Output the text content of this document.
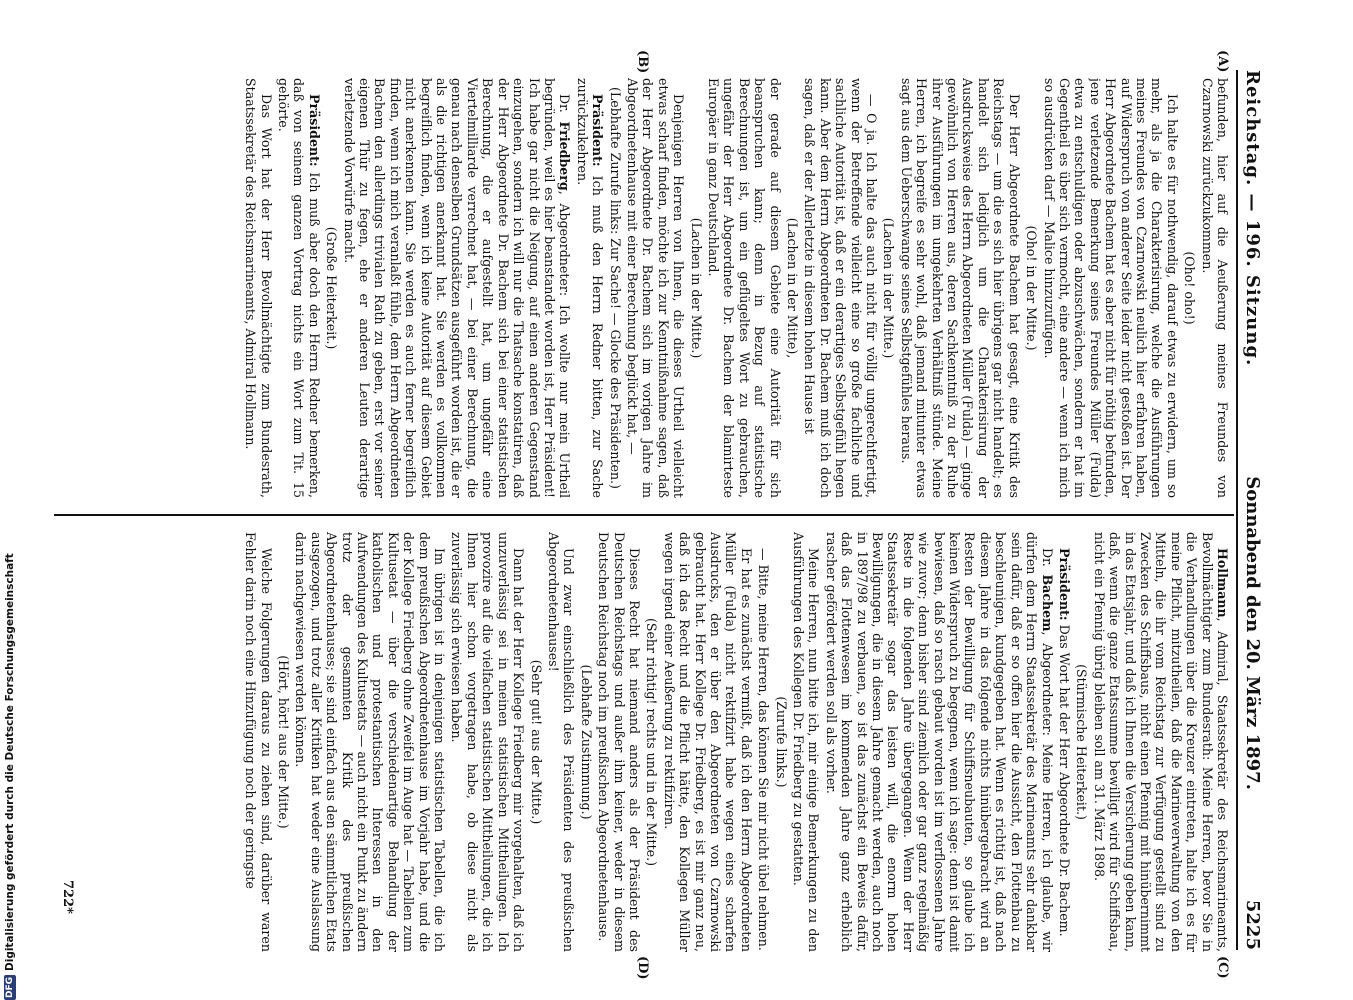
Reichstag. — 196. Sitzung.
Sonnabend den 20. März 1897.
5225
(A)
(B)
(C)
(D)

befunden, hier auf die Aeußerung meines Freundes von Czarnowski zurückzukommen.

(Oho! oho!)

Ich halte es für nothwendig, darauf etwas zu erwidern, um so mehr, als ja die Charakterisirung, welche die Ausführungen meines Freundes von Czarnowski neulich hier erfahren haben, auf Widerspruch von anderer Seite leider nicht gestoßen ist. Der Herr Abgeordnete Bachem hat es aber nicht für nöthig befunden, jene verletzende Bemerkung seines Freundes Müller (Fulda) etwa zu entschuldigen oder abzuschwächen, sondern er hat im Gegentheil es über sich vermocht, eine andere — wenn ich mich so ausdrücken darf — Malice hinzuzufügen.

(Oho! in der Mitte.)

Der Herr Abgeordnete Bachem hat gesagt, eine Kritik des Reichstags — um die es sich hier übrigens gar nicht handelt; es handelt sich lediglich um die Charakterisirung der Ausdrucksweise des Herrn Abgeordneten Müller (Fulda) — ginge gewöhnlich von Herren aus, deren Sachkenntniß zu der Ruhe ihrer Ausführungen im umgekehrten Verhältniß stünde. Meine Herren, ich begreife es sehr wohl, daß jemand mitunter etwas sagt aus dem Ueberschwange seines Selbstgefühles heraus.

(Lachen in der Mitte.)

— O ja. Ich halte das auch nicht für völlig ungerechtfertigt, wenn der Betreffende vielleicht eine so große fachliche und sachliche Autorität ist, daß er ein derartiges Selbstgefühl hegen kann. Aber dem Herrn Abgeordneten Dr. Bachem muß ich doch sagen, daß er der Allerletzte in diesem hohen Hause ist

(Lachen in der Mitte),

der gerade auf diesem Gebiete eine Autorität für sich beanspruchen kann; denn in Bezug auf statistische Berechnungen ist, um ein geflügeltes Wort zu gebrauchen, ungefähr der Herr Abgeordnete Dr. Bachem der blamirteste Europäer in ganz Deutschland.

(Lachen in der Mitte.)

Denjenigen Herren von Ihnen, die dieses Urtheil vielleicht etwas scharf finden, möchte ich zur Kenntnißnahme sagen, daß der Herr Abgeordnete Dr. Bachem sich im vorigen Jahre im Abgeordnetenhause mit einer Berechnung beglückt hat, —

(Lebhafte Zurufe links: Zur Sache! — Glocke des Präsidenten.)

Präsident: Ich muß den Herrn Redner bitten, zur Sache zurückzukehren.

Dr. Friedberg, Abgeordneter: Ich wollte nur mein Urtheil begründen, weil es hier beanstandet worden ist, Herr Präsident! Ich habe gar nicht die Neigung, auf einen anderen Gegenstand einzugehen, sondern ich will nur die Thatsache konstatiren, daß der Herr Abgeordnete Dr. Bachem sich bei einer statistischen Berechnung, die er aufgestellt hat, um ungefähr eine Viertelmilliarde verrechnet hat, — bei einer Berechnung, die genau nach denselben Grundsätzen ausgeführt worden ist, die er als die richtigen anerkannt hat. Sie werden es vollkommen begreiflich finden, wenn ich keine Autorität auf diesem Gebiet nicht anerkennen kann. Sie werden es auch ferner begreiflich finden, wenn ich mich veranlaßt fühle, dem Herrn Abgeordneten Bachem den allerdings trivialen Rath zu geben, erst vor seiner eigenen Thür zu fegen, ehe er anderen Leuten derartige verletzende Vorwürfe macht.

(Große Heiterkeit.)

Präsident: Ich muß aber doch den Herrn Redner bemerken, daß von seinem ganzen Vortrag nichts ein Wort zum Tit. 15 gehörte.

Das Wort hat der Herr Bevollmächtigte zum Bundesrath, Staatssekretär des Reichsmarineamts, Admiral Hollmann.

Hollmann, Admiral, Staatssekretär des Reichsmarineamts, Bevollmächtigter zum Bundesrath: Meine Herren, bevor Sie in die Verhandlungen über die Kreuzer eintreten, halte ich es für meine Pflicht, mitzutheilen, daß die Marineverwaltung von den Mitteln, die ihr vom Reichstag zur Verfügung gestellt sind zu Zwecken des Schiffsbaus, nicht einen Pfennig mit hinübernimmt in das Etatsjahr, und daß ich Ihnen die Versicherung geben kann, daß, wenn die ganze Etatssumme bewilligt wird für Schiffsbau, nicht ein Pfennig übrig bleiben soll am 31. März 1898.

(Stürmische Heiterkeit.)

Präsident: Das Wort hat der Herr Abgeordnete Dr. Bachem.

Dr. Bachem, Abgeordneter: Meine Herren, ich glaube, wir dürfen dem Herrn Staatssekretär des Marineamts sehr dankbar sein dafür, daß er so offen hier die Aussicht, den Flottenbau zu beschleunigen, kundgegeben hat. Wenn es richtig ist, daß nach diesem Jahre in das folgende nichts hinübergebracht wird an Resten der Bewilligung für Schiffsneubauten, so glaube ich keinen Widerspruch zu begegnen, wenn ich sage: denn ist damit bewiesen, daß so rasch gebaut worden ist im verflossenen Jahre wie zuvor; denn bisher sind ziemlich oder gar ganz regelmäßig Reste in die folgenden Jahre übergegangen. Wenn der Herr Staatssekretär sogar das leisten will, die enorm hohen Bewilligungen, die in diesem Jahre gemacht werden, auch noch in 1897/98 zu verbauen, so ist das zunächst ein Beweis dafür, daß das Flottenwesen im kommenden Jahre ganz erheblich rascher gefördert werden soll als vorher.

Meine Herren, nun bitte ich, mir einige Bemerkungen zu den Ausführungen des Kollegen Dr. Friedberg zu gestatten.

(Zurufe links.)

— Bitte, meine Herren, das können Sie mir nicht übel nehmen.

Er hat es zunächst vermißt, daß ich den Herrn Abgeordneten Müller (Fulda) nicht rektifizirt habe wegen eines scharfen Ausdrucks, den er über den Abgeordneten von Czarnowski gebraucht hat. Herr Kollege Dr. Friedberg, es ist mir ganz neu, daß ich das Recht und die Pflicht hätte, den Kollegen Müller wegen irgend einer Aeußerung zu rektifiziren.

(Sehr richtig! rechts und in der Mitte.)

Dieses Recht hat niemand anders als der Präsident des Deutschen Reichstags und außer ihm keiner, weder in diesem Deutschen Reichstag noch im preußischen Abgeordnetenhause.

(Lebhafte Zustimmung.)

Und zwar einschließlich des Präsidenten des preußischen Abgeordnetenhauses!

(Sehr gut! aus der Mitte.)

Dann hat der Herr Kollege Friedberg mir vorgehalten, daß ich unzuverlässig sei in meinen statistischen Mittheilungen. Ich provozire auf die vielfachen statistischen Mittheilungen, die ich Ihnen hier schon vorgetragen habe, ob diese nicht als zuverlässig sich erwiesen haben.

Im übrigen ist in denjenigen statistischen Tabellen, die ich dem preußischen Abgeordnetenhause im Vorjahr habe, und die der Kollege Friedberg ohne Zweifel im Auge hat — Tabellen zum Kultusetat — über die verschiedenartige Behandlung der katholischen und protestantischen Interessen in den Aufwendungen des Kultusetats — auch nicht ein Punkt zu ändern trotz der gesammten Kritik des preußischen Abgeordnetenhauses; sie sind einfach aus den sämmtlichen Etats ausgezogen, und trotz aller Kritiken hat weder eine Auslassung darin nachgewiesen werden können.

(Hört, hört! aus der Mitte.)

Welche Folgerungen daraus zu ziehen sind, darüber waren Fehler darin noch eine Hinzufügung noch der geringste

722*
DFG
Digitalisierung gefördert durch die Deutsche Forschungsgemeinschaft
